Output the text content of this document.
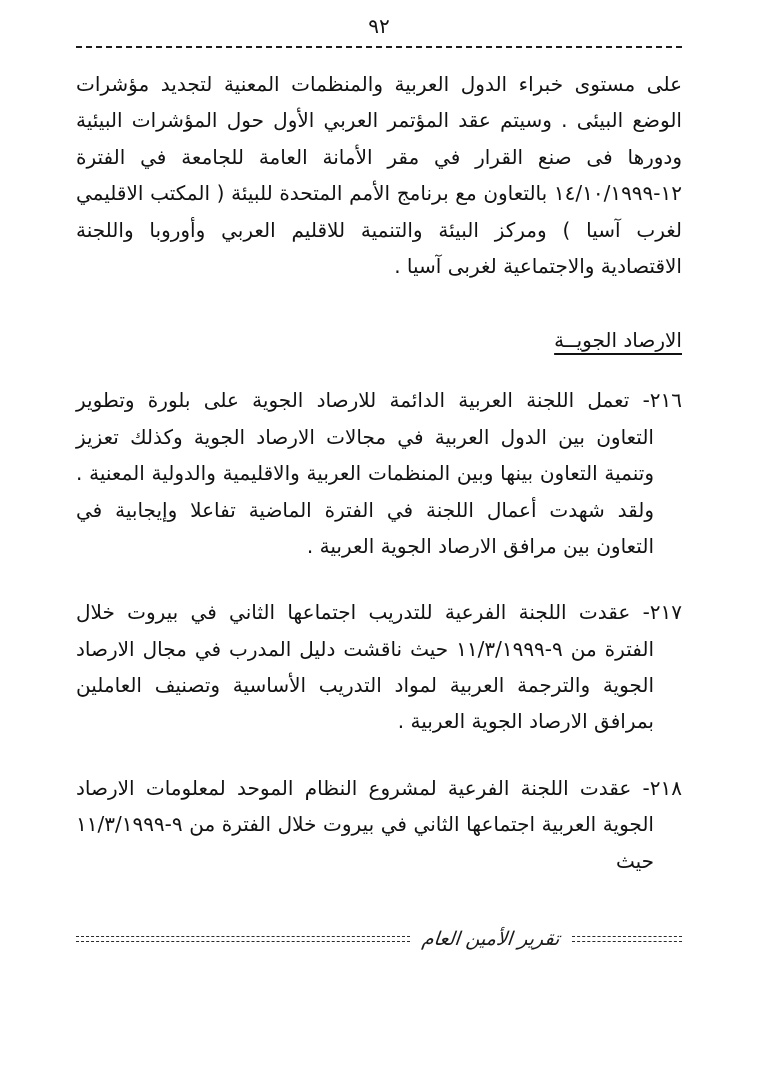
٩٢

على مستوى خبراء الدول العربية والمنظمات المعنية لتجديد مؤشرات الوضع البيئى . وسيتم عقد المؤتمر العربي الأول حول المؤشرات البيئية ودورها فى صنع القرار في مقر الأمانة العامة للجامعة في الفترة ١٢-١٤/١٠/١٩٩٩ بالتعاون مع برنامج الأمم المتحدة للبيئة ( المكتب الاقليمي لغرب آسيا ) ومركز البيئة والتنمية للاقليم العربي وأوروبا واللجنة الاقتصادية والاجتماعية لغربى آسيا .

الارصاد الجويــة

٢١٦- تعمل اللجنة العربية الدائمة للارصاد الجوية على بلورة وتطوير التعاون بين الدول العربية في مجالات الارصاد الجوية وكذلك تعزيز وتنمية التعاون بينها وبين المنظمات العربية والاقليمية والدولية المعنية . ولقد شهدت أعمال اللجنة في الفترة الماضية تفاعلا وإيجابية في التعاون بين مرافق الارصاد الجوية العربية .

٢١٧- عقدت اللجنة الفرعية للتدريب اجتماعها الثاني في بيروت خلال الفترة من ٩-١١/٣/١٩٩٩ حيث ناقشت دليل المدرب في مجال الارصاد الجوية والترجمة العربية لمواد التدريب الأساسية وتصنيف العاملين بمرافق الارصاد الجوية العربية .

٢١٨- عقدت اللجنة الفرعية لمشروع النظام الموحد لمعلومات الارصاد الجوية العربية اجتماعها الثاني في بيروت خلال الفترة من ٩-١١/٣/١٩٩٩ حيث

تقرير الأمين العام
